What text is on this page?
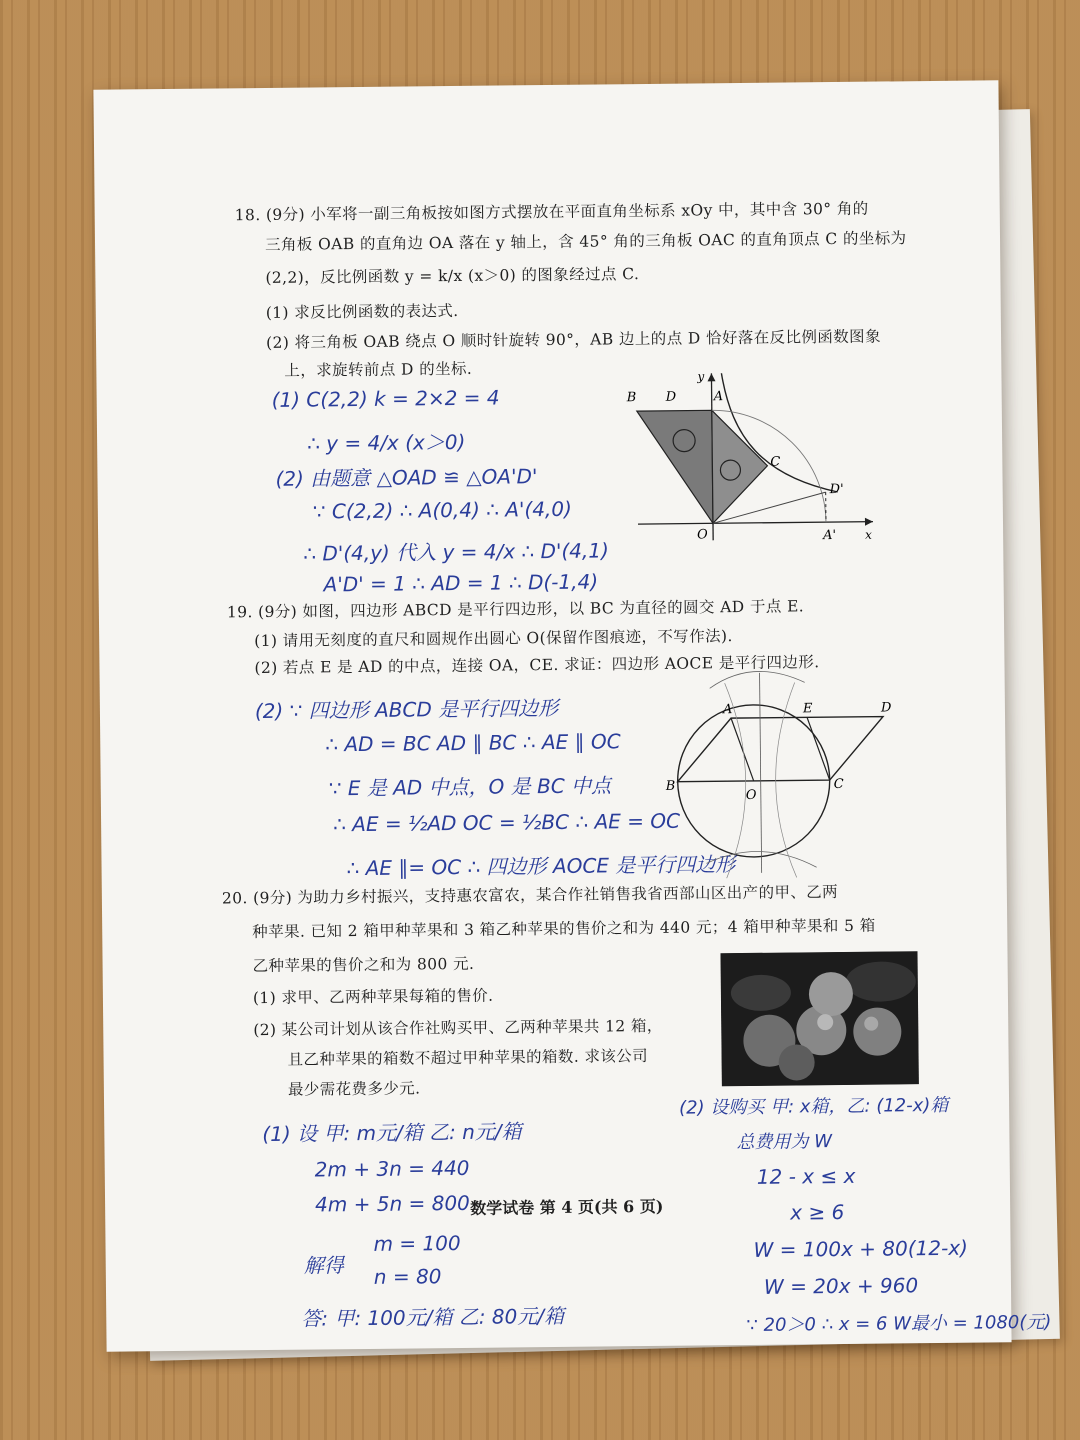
18. (9分) 小军将一副三角板按如图方式摆放在平面直角坐标系 xOy 中，其中含 30° 角的

三角板 OAB 的直角边 OA 落在 y 轴上，含 45° 角的三角板 OAC 的直角顶点 C 的坐标为

(2,2)，反比例函数 y = k/x (x＞0) 的图象经过点 C.

(1) 求反比例函数的表达式.

(2) 将三角板 OAB 绕点 O 顺时针旋转 90°，AB 边上的点 D 恰好落在反比例函数图象

上，求旋转前点 D 的坐标.

(1) C(2,2) k = 2×2 = 4

∴ y = 4/x (x＞0)

(2) 由题意 △OAD ≌ △OA'D'

∵ C(2,2) ∴ A(0,4) ∴ A'(4,0)

∴ D'(4,y) 代入 y = 4/x ∴ D'(4,1)

A'D' = 1 ∴ AD = 1 ∴ D(-1,4)

B D	A
y
C
D'
O	A' x

19. (9分) 如图，四边形 ABCD 是平行四边形，以 BC 为直径的圆交 AD 于点 E.

(1) 请用无刻度的直尺和圆规作出圆心 O(保留作图痕迹，不写作法).

(2) 若点 E 是 AD 的中点，连接 OA，CE. 求证：四边形 AOCE 是平行四边形.

(2) ∵ 四边形 ABCD 是平行四边形

∴ AD = BC AD ∥ BC ∴ AE ∥ OC

∵ E 是 AD 中点，O 是 BC 中点

∴ AE = ½AD OC = ½BC ∴ AE = OC

∴ AE ∥= OC ∴ 四边形 AOCE 是平行四边形

A	E	D
B
O
C

20. (9分) 为助力乡村振兴，支持惠农富农，某合作社销售我省西部山区出产的甲、乙两

种苹果. 已知 2 箱甲种苹果和 3 箱乙种苹果的售价之和为 440 元；4 箱甲种苹果和 5 箱

乙种苹果的售价之和为 800 元.

(1) 求甲、乙两种苹果每箱的售价.

(2) 某公司计划从该合作社购买甲、乙两种苹果共 12 箱，

且乙种苹果的箱数不超过甲种苹果的箱数. 求该公司

最少需花费多少元.

(1) 设 甲: m元/箱 乙: n元/箱

2m + 3n = 440

4m + 5n = 800

解得

m = 100

n = 80

答: 甲: 100元/箱 乙: 80元/箱

(2) 设购买 甲: x箱，乙: (12-x)箱

总费用为 W

12 - x ≤ x

x ≥ 6

W = 100x + 80(12-x)

W = 20x + 960

∵ 20＞0 ∴ x = 6 W最小 = 1080(元)

数学试卷 第 4 页(共 6 页)
